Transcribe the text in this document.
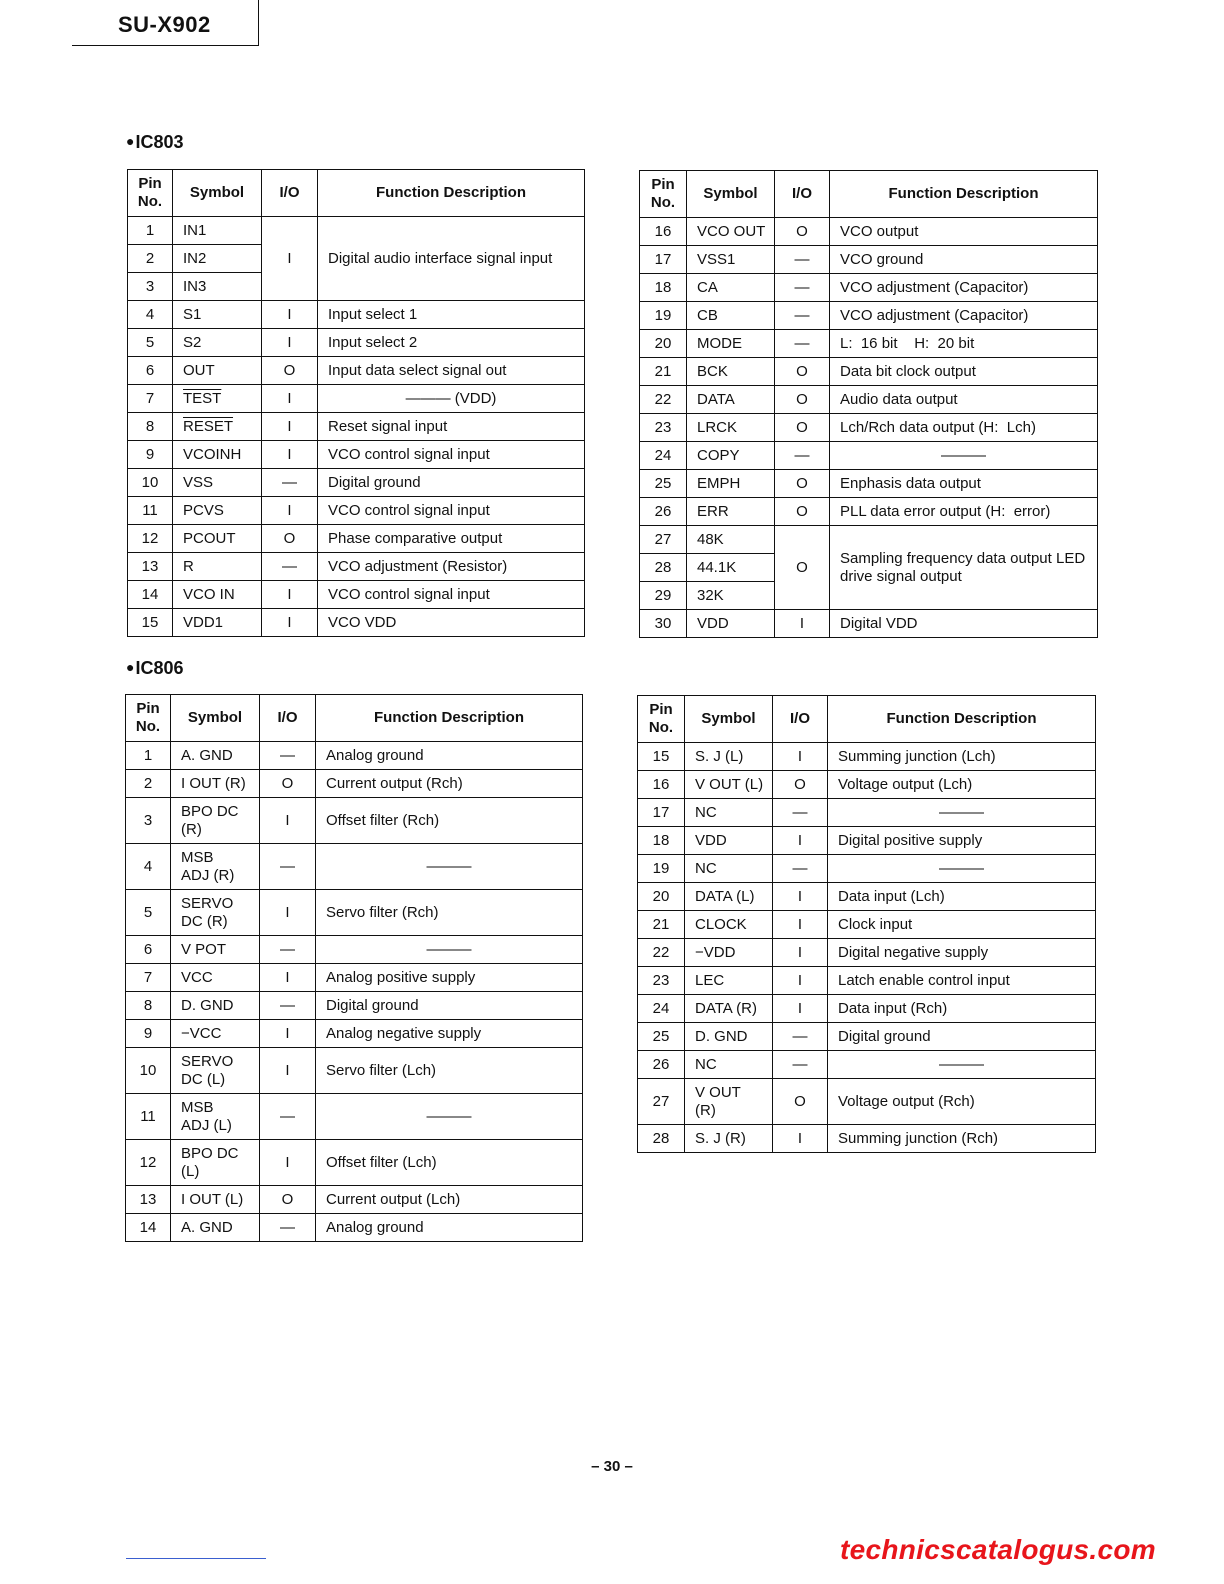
SU-X902
●IC803
Pin No.	Symbol	I/O	Function Description
1	IN1	I	Digital audio interface signal input
2	IN2		
3	IN3		
4	S1	I	Input select 1
5	S2	I	Input select 2
6	OUT	O	Input data select signal out
7	TEST	I	——— (VDD)
8	RESET	I	Reset signal input
9	VCOINH	I	VCO control signal input
10	VSS	—	Digital ground
11	PCVS	I	VCO control signal input
12	PCOUT	O	Phase comparative output
13	R	—	VCO adjustment (Resistor)
14	VCO IN	I	VCO control signal input
15	VDD1	I	VCO VDD
Pin No.	Symbol	I/O	Function Description
16	VCO OUT	O	VCO output
17	VSS1	—	VCO ground
18	CA	—	VCO adjustment (Capacitor)
19	CB	—	VCO adjustment (Capacitor)
20	MODE	—	L:  16 bit    H:  20 bit
21	BCK	O	Data bit clock output
22	DATA	O	Audio data output
23	LRCK	O	Lch/Rch data output (H:  Lch)
24	COPY	—	———
25	EMPH	O	Enphasis data output
26	ERR	O	PLL data error output (H:  error)
27	48K	O	Sampling frequency data output LED drive signal output
28	44.1K		
29	32K		
30	VDD	I	Digital VDD
●IC806
Pin No.	Symbol	I/O	Function Description
1	A. GND	—	Analog ground
2	I OUT (R)	O	Current output (Rch)
3	BPO DC (R)	I	Offset filter (Rch)
4	MSB ADJ (R)	—	———
5	SERVO DC (R)	I	Servo filter (Rch)
6	V POT	—	———
7	VCC	I	Analog positive supply
8	D. GND	—	Digital ground
9	−VCC	I	Analog negative supply
10	SERVO DC (L)	I	Servo filter (Lch)
11	MSB ADJ (L)	—	———
12	BPO DC (L)	I	Offset filter (Lch)
13	I OUT (L)	O	Current output (Lch)
14	A. GND	—	Analog ground
Pin No.	Symbol	I/O	Function Description
15	S. J (L)	I	Summing junction (Lch)
16	V OUT (L)	O	Voltage output (Lch)
17	NC	—	———
18	VDD	I	Digital positive supply
19	NC	—	———
20	DATA (L)	I	Data input (Lch)
21	CLOCK	I	Clock input
22	−VDD	I	Digital negative supply
23	LEC	I	Latch enable control input
24	DATA (R)	I	Data input (Rch)
25	D. GND	—	Digital ground
26	NC	—	———
27	V OUT (R)	O	Voltage output (Rch)
28	S. J (R)	I	Summing junction (Rch)
– 30 –
technicscatalogus.com
